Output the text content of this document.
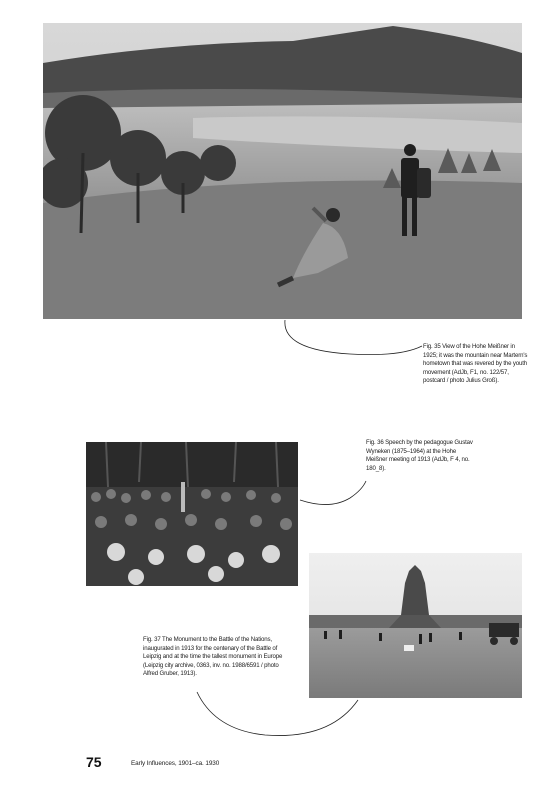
Fig. 35 View of the Hohe Meißner in 1925; it was the mountain near Martern's hometown that was revered by the youth movement (AdJb, F1, no. 122/57, postcard / photo Julius Groß).
Fig. 36 Speech by the pedagogue Gustav Wyneken (1875–1964) at the Hohe Meißner meeting of 1913 (AdJb, F 4, no. 180_8).
Fig. 37 The Monument to the Battle of the Nations, inaugurated in 1913 for the centenary of the Battle of Leipzig and at the time the tallest monument in Europe (Leipzig city archive, 0363, inv. no. 1988/6591 / photo Alfred Gruber, 1913).
75	Early Influences, 1901–ca. 1930
